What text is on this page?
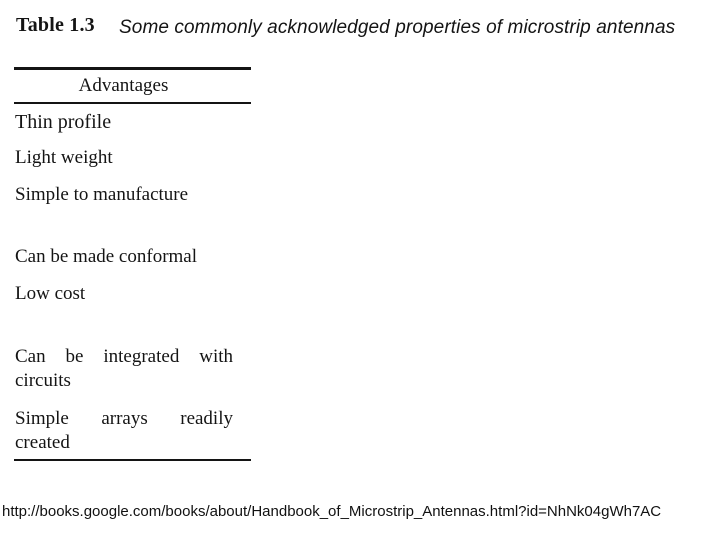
Table 1.3 Some commonly acknowledged properties of microstrip antennas
Advantages
Thin profile
Light weight
Simple to manufacture
Can be made conformal
Low cost
Can be integrated with circuits
Simple arrays readily created
http://books.google.com/books/about/Handbook_of_Microstrip_Antennas.html?id=NhNk04gWh7AC
